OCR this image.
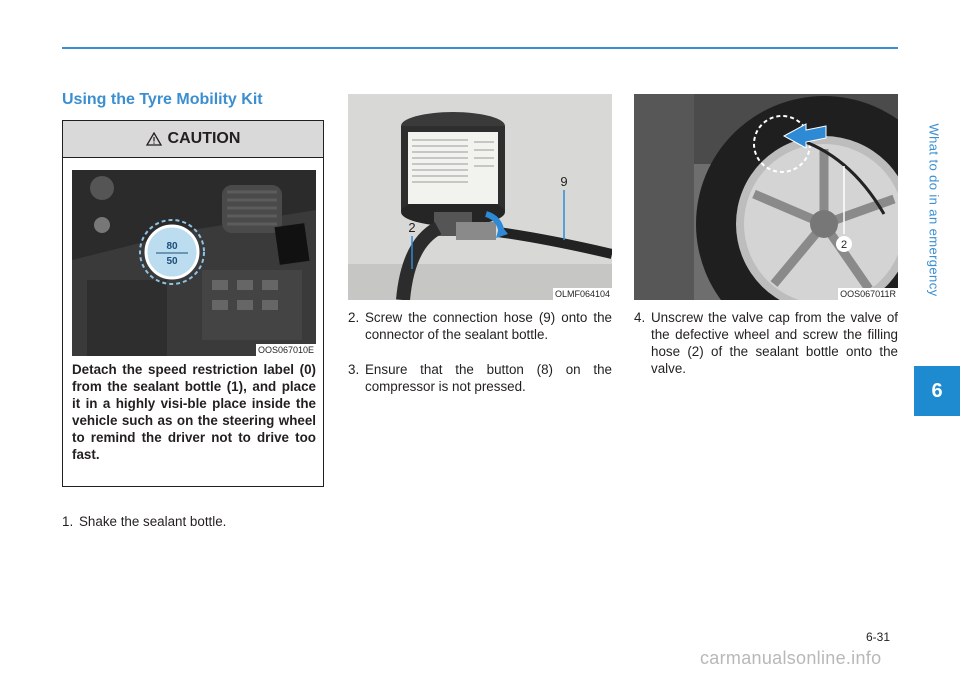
What to do in an emergency
6
Using the Tyre Mobility Kit
CAUTION
80
50
OOS067010E
Detach the speed restriction label (0) from the sealant bottle (1), and place it in a highly visi-ble place inside the vehicle such as on the steering wheel to remind the driver not to drive too fast.
1. Shake the sealant bottle.
9
2
OLMF064104
2. Screw the connection hose (9) onto the connector of the sealant bottle.
3. Ensure that the button (8) on the compressor is not pressed.
2
OOS067011R
4. Unscrew the valve cap from the valve of the defective wheel and screw the filling hose (2) of the sealant bottle onto the valve.
6-31
carmanualsonline.info
